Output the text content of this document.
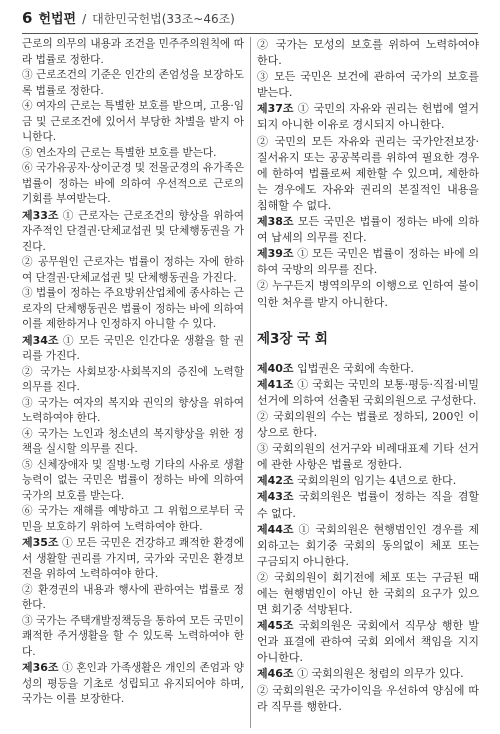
6 헌법편 / 대한민국헌법(33조~46조)

근로의 의무의 내용과 조건을 민주주의원칙에 따라 법률로 정한다.

③ 근로조건의 기준은 인간의 존엄성을 보장하도록 법률로 정한다.

④ 여자의 근로는 특별한 보호를 받으며, 고용·임금 및 근로조건에 있어서 부당한 차별을 받지 아니한다.

⑤ 연소자의 근로는 특별한 보호를 받는다.

⑥ 국가유공자·상이군경 및 전몰군경의 유가족은 법률이 정하는 바에 의하여 우선적으로 근로의 기회를 부여받는다.

제33조 ① 근로자는 근로조건의 향상을 위하여 자주적인 단결권·단체교섭권 및 단체행동권을 가진다.

② 공무원인 근로자는 법률이 정하는 자에 한하여 단결권·단체교섭권 및 단체행동권을 가진다.

③ 법률이 정하는 주요방위산업체에 종사하는 근로자의 단체행동권은 법률이 정하는 바에 의하여 이를 제한하거나 인정하지 아니할 수 있다.

제34조 ① 모든 국민은 인간다운 생활을 할 권리를 가진다.

② 국가는 사회보장·사회복지의 증진에 노력할 의무를 진다.

③ 국가는 여자의 복지와 권익의 향상을 위하여 노력하여야 한다.

④ 국가는 노인과 청소년의 복지향상을 위한 정책을 실시할 의무를 진다.

⑤ 신체장애자 및 질병·노령 기타의 사유로 생활능력이 없는 국민은 법률이 정하는 바에 의하여 국가의 보호를 받는다.

⑥ 국가는 재해를 예방하고 그 위험으로부터 국민을 보호하기 위하여 노력하여야 한다.

제35조 ① 모든 국민은 건강하고 쾌적한 환경에서 생활할 권리를 가지며, 국가와 국민은 환경보전을 위하여 노력하여야 한다.

② 환경권의 내용과 행사에 관하여는 법률로 정한다.

③ 국가는 주택개발정책등을 통하여 모든 국민이 쾌적한 주거생활을 할 수 있도록 노력하여야 한다.

제36조 ① 혼인과 가족생활은 개인의 존엄과 양성의 평등을 기초로 성립되고 유지되어야 하며, 국가는 이를 보장한다.

② 국가는 모성의 보호를 위하여 노력하여야 한다.

③ 모든 국민은 보건에 관하여 국가의 보호를 받는다.

제37조 ① 국민의 자유와 권리는 헌법에 열거되지 아니한 이유로 경시되지 아니한다.

② 국민의 모든 자유와 권리는 국가안전보장·질서유지 또는 공공복리를 위하여 필요한 경우에 한하여 법률로써 제한할 수 있으며, 제한하는 경우에도 자유와 권리의 본질적인 내용을 침해할 수 없다.

제38조 모든 국민은 법률이 정하는 바에 의하여 납세의 의무를 진다.

제39조 ① 모든 국민은 법률이 정하는 바에 의하여 국방의 의무를 진다.

② 누구든지 병역의무의 이행으로 인하여 불이익한 처우를 받지 아니한다.

제3장 국 회

제40조 입법권은 국회에 속한다.

제41조 ① 국회는 국민의 보통·평등·직접·비밀선거에 의하여 선출된 국회의원으로 구성한다.

② 국회의원의 수는 법률로 정하되, 200인 이상으로 한다.

③ 국회의원의 선거구와 비례대표제 기타 선거에 관한 사항은 법률로 정한다.

제42조 국회의원의 임기는 4년으로 한다.

제43조 국회의원은 법률이 정하는 직을 겸할 수 없다.

제44조 ① 국회의원은 현행범인인 경우를 제외하고는 회기중 국회의 동의없이 체포 또는 구금되지 아니한다.

② 국회의원이 회기전에 체포 또는 구금된 때에는 현행범인이 아닌 한 국회의 요구가 있으면 회기중 석방된다.

제45조 국회의원은 국회에서 직무상 행한 발언과 표결에 관하여 국회 외에서 책임을 지지 아니한다.

제46조 ① 국회의원은 청렴의 의무가 있다.

② 국회의원은 국가이익을 우선하여 양심에 따라 직무를 행한다.
